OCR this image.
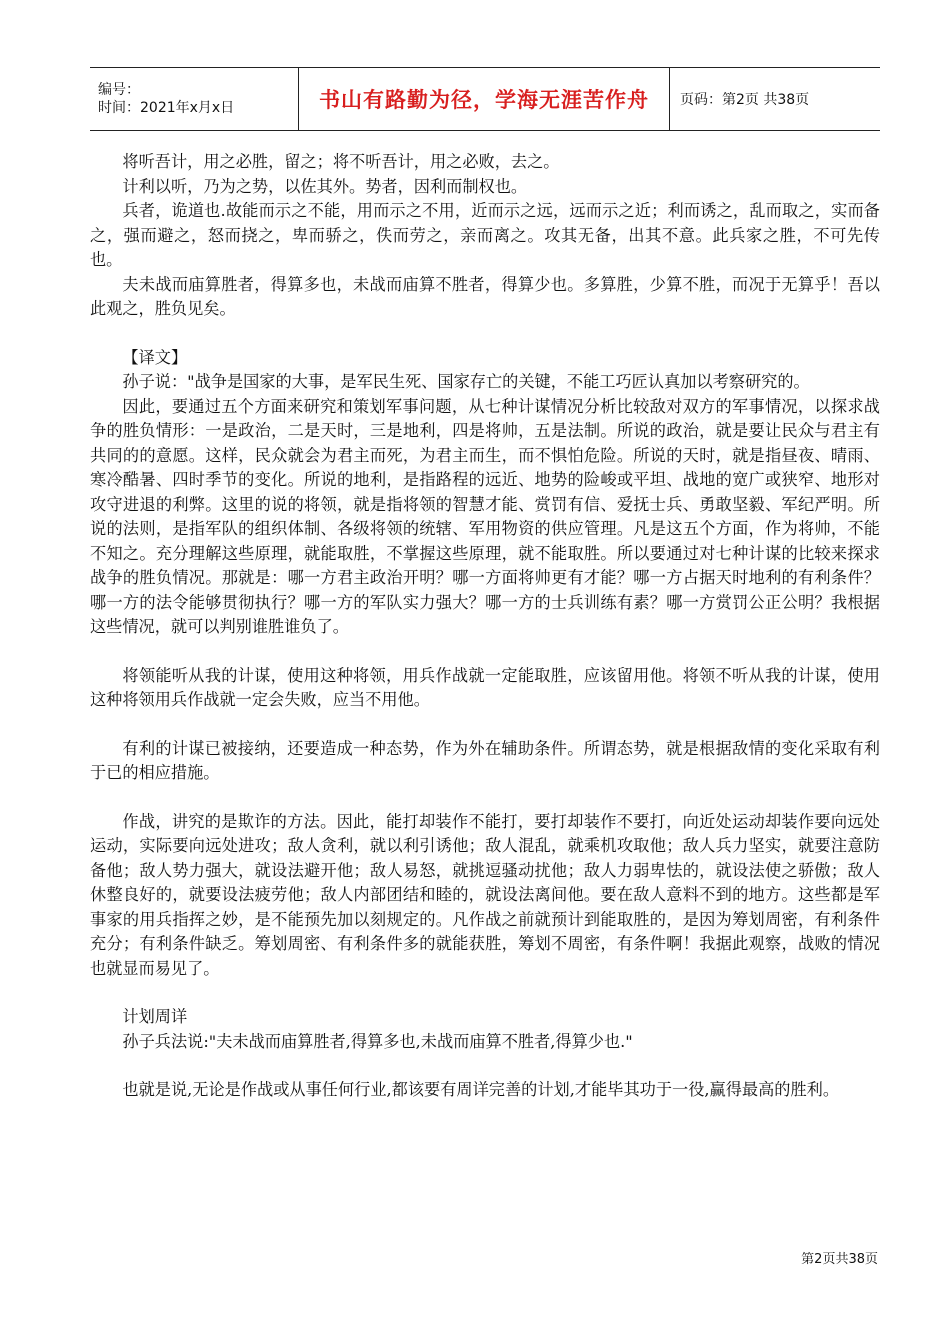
编号：
时间：2021年x月x日	书山有路勤为径，学海无涯苦作舟	页码：第2页 共38页

将听吾计，用之必胜，留之；将不听吾计，用之必败，去之。

计利以听，乃为之势，以佐其外。势者，因利而制权也。

兵者，诡道也.故能而示之不能，用而示之不用，近而示之远，远而示之近；利而诱之，乱而取之，实而备之，强而避之，怒而挠之，卑而骄之，佚而劳之，亲而离之。攻其无备，出其不意。此兵家之胜，不可先传也。

夫未战而庙算胜者，得算多也，未战而庙算不胜者，得算少也。多算胜，少算不胜，而况于无算乎！吾以此观之，胜负见矣。

【译文】

孙子说："战争是国家的大事，是军民生死、国家存亡的关键，不能工巧匠认真加以考察研究的。

因此，要通过五个方面来研究和策划军事问题，从七种计谋情况分析比较敌对双方的军事情况，以探求战争的胜负情形：一是政治，二是天时，三是地利，四是将帅，五是法制。所说的政治，就是要让民众与君主有共同的的意愿。这样，民众就会为君主而死，为君主而生，而不惧怕危险。所说的天时，就是指昼夜、晴雨、寒冷酷暑、四时季节的变化。所说的地利，是指路程的远近、地势的险峻或平坦、战地的宽广或狭窄、地形对攻守进退的利弊。这里的说的将领，就是指将领的智慧才能、赏罚有信、爱抚士兵、勇敢坚毅、军纪严明。所说的法则，是指军队的组织体制、各级将领的统辖、军用物资的供应管理。凡是这五个方面，作为将帅，不能不知之。充分理解这些原理，就能取胜，不掌握这些原理，就不能取胜。所以要通过对七种计谋的比较来探求战争的胜负情况。那就是：哪一方君主政治开明？哪一方面将帅更有才能？哪一方占据天时地利的有利条件？哪一方的法令能够贯彻执行？哪一方的军队实力强大？哪一方的士兵训练有素？哪一方赏罚公正公明？我根据这些情况，就可以判别谁胜谁负了。

将领能听从我的计谋，使用这种将领，用兵作战就一定能取胜，应该留用他。将领不听从我的计谋，使用这种将领用兵作战就一定会失败，应当不用他。

有利的计谋已被接纳，还要造成一种态势，作为外在辅助条件。所谓态势，就是根据敌情的变化采取有利于已的相应措施。

作战，讲究的是欺诈的方法。因此，能打却装作不能打，要打却装作不要打，向近处运动却装作要向远处运动，实际要向远处进攻；敌人贪利，就以利引诱他；敌人混乱，就乘机攻取他；敌人兵力坚实，就要注意防备他；敌人势力强大，就设法避开他；敌人易怒，就挑逗骚动扰他；敌人力弱卑怯的，就设法使之骄傲；敌人休整良好的，就要设法疲劳他；敌人内部团结和睦的，就设法离间他。要在敌人意料不到的地方。这些都是军事家的用兵指挥之妙，是不能预先加以刻规定的。凡作战之前就预计到能取胜的，是因为筹划周密，有利条件充分；有利条件缺乏。筹划周密、有利条件多的就能获胜，筹划不周密，有条件啊！我据此观察，战败的情况也就显而易见了。

计划周详

孙子兵法说:"夫未战而庙算胜者,得算多也,未战而庙算不胜者,得算少也."

也就是说,无论是作战或从事任何行业,都该要有周详完善的计划,才能毕其功于一役,赢得最高的胜利。

第2页共38页
